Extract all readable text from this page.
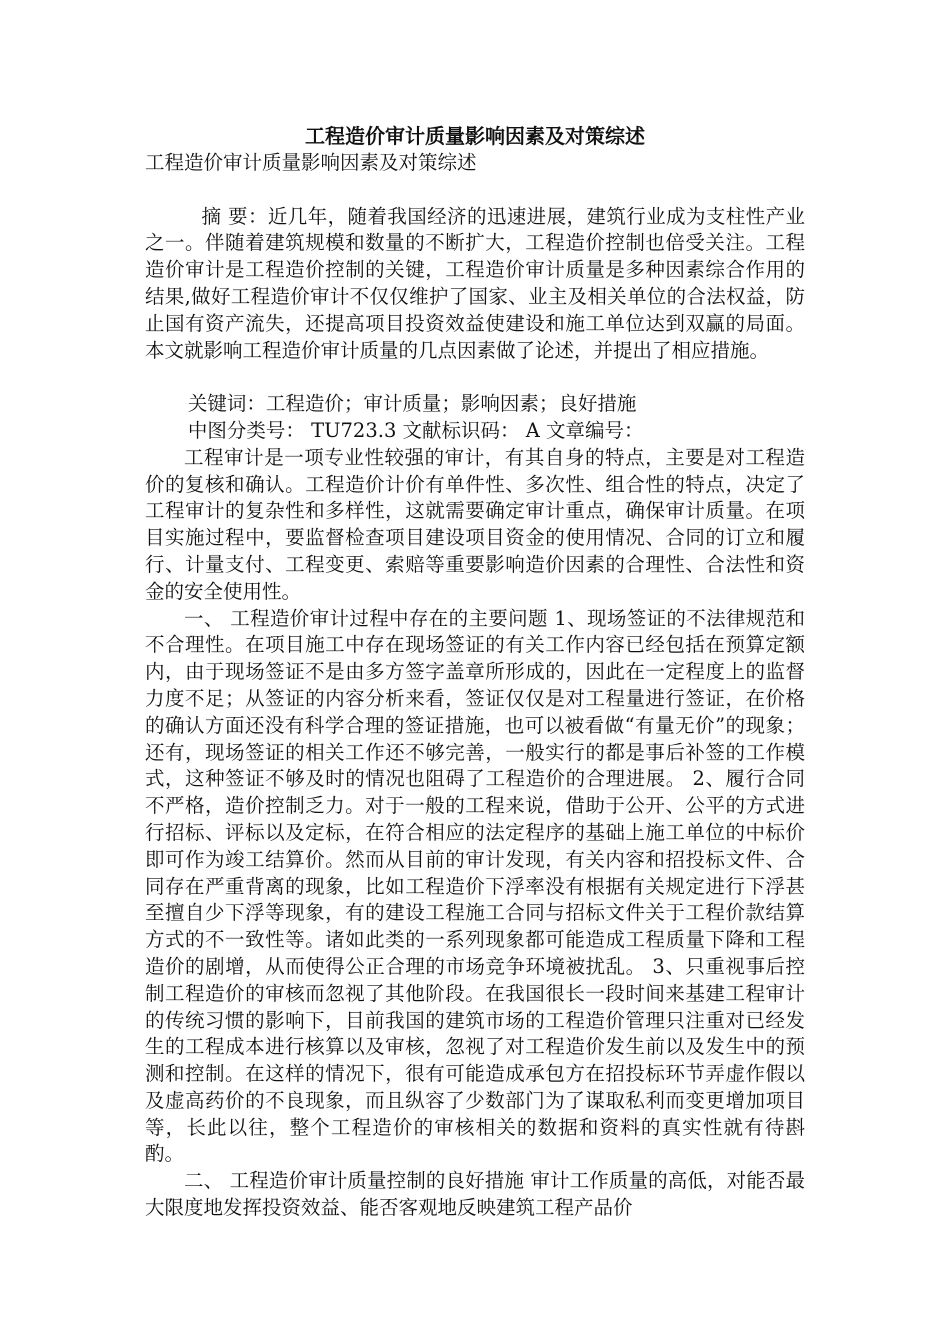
工程造价审计质量影响因素及对策综述

工程造价审计质量影响因素及对策综述

摘 要：近几年，随着我国经济的迅速进展，建筑行业成为支柱性产业之一。伴随着建筑规模和数量的不断扩大，工程造价控制也倍受关注。工程造价审计是工程造价控制的关键，工程造价审计质量是多种因素综合作用的结果,做好工程造价审计不仅仅维护了国家、业主及相关单位的合法权益，防止国有资产流失，还提高项目投资效益使建设和施工单位达到双赢的局面。本文就影响工程造价审计质量的几点因素做了论述，并提出了相应措施。

关键词：工程造价；审计质量；影响因素；良好措施

中图分类号： TU723.3 文献标识码： A 文章编号：

工程审计是一项专业性较强的审计，有其自身的特点，主要是对工程造价的复核和确认。工程造价计价有单件性、多次性、组合性的特点，决定了工程审计的复杂性和多样性，这就需要确定审计重点，确保审计质量。在项目实施过程中，要监督检查项目建设项目资金的使用情况、合同的订立和履行、计量支付、工程变更、索赔等重要影响造价因素的合理性、合法性和资金的安全使用性。

一、 工程造价审计过程中存在的主要问题 1、现场签证的不法律规范和不合理性。在项目施工中存在现场签证的有关工作内容已经包括在预算定额内，由于现场签证不是由多方签字盖章所形成的，因此在一定程度上的监督力度不足；从签证的内容分析来看，签证仅仅是对工程量进行签证，在价格的确认方面还没有科学合理的签证措施，也可以被看做“有量无价”的现象；还有，现场签证的相关工作还不够完善，一般实行的都是事后补签的工作模式，这种签证不够及时的情况也阻碍了工程造价的合理进展。 2、履行合同不严格，造价控制乏力。对于一般的工程来说，借助于公开、公平的方式进行招标、评标以及定标，在符合相应的法定程序的基础上施工单位的中标价即可作为竣工结算价。然而从目前的审计发现，有关内容和招投标文件、合同存在严重背离的现象，比如工程造价下浮率没有根据有关规定进行下浮甚至擅自少下浮等现象，有的建设工程施工合同与招标文件关于工程价款结算方式的不一致性等。诸如此类的一系列现象都可能造成工程质量下降和工程造价的剧增，从而使得公正合理的市场竞争环境被扰乱。 3、只重视事后控制工程造价的审核而忽视了其他阶段。在我国很长一段时间来基建工程审计的传统习惯的影响下，目前我国的建筑市场的工程造价管理只注重对已经发生的工程成本进行核算以及审核，忽视了对工程造价发生前以及发生中的预测和控制。在这样的情况下，很有可能造成承包方在招投标环节弄虚作假以及虚高药价的不良现象，而且纵容了少数部门为了谋取私利而变更增加项目等，长此以往，整个工程造价的审核相关的数据和资料的真实性就有待斟酌。

二、 工程造价审计质量控制的良好措施 审计工作质量的高低，对能否最大限度地发挥投资效益、能否客观地反映建筑工程产品价
